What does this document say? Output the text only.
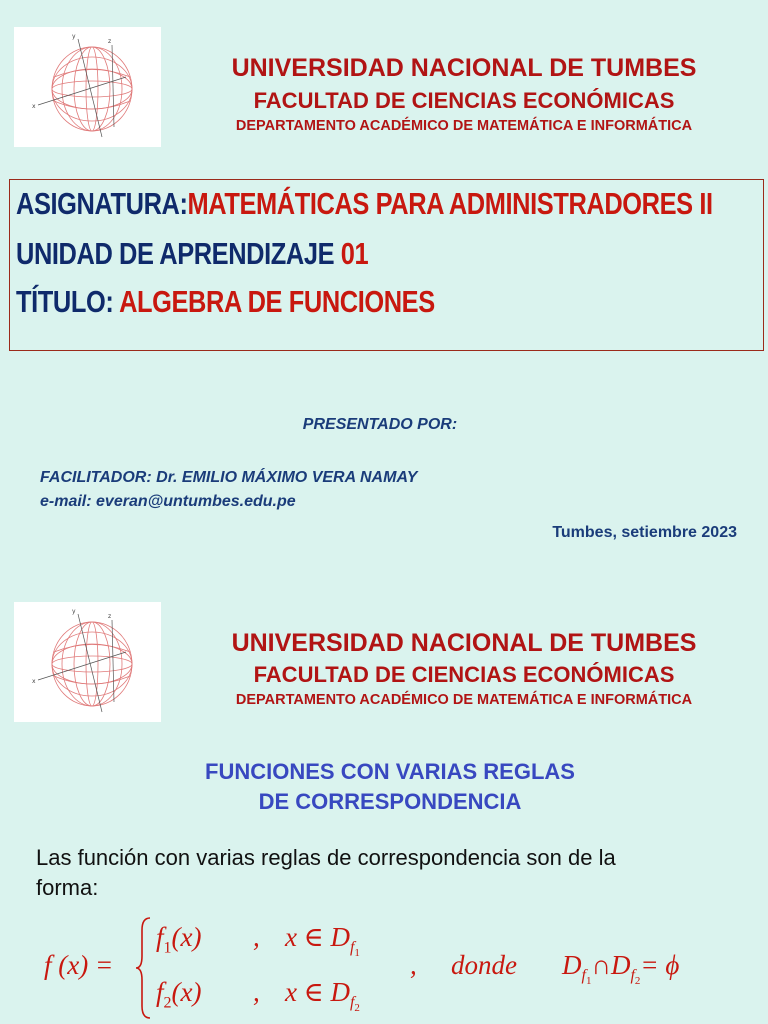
y
z
x
UNIVERSIDAD NACIONAL DE TUMBES
FACULTAD DE CIENCIAS ECONÓMICAS
DEPARTAMENTO ACADÉMICO DE MATEMÁTICA E INFORMÁTICA
ASIGNATURA:MATEMÁTICAS PARA ADMINISTRADORES II
UNIDAD DE APRENDIZAJE 01
TÍTULO: ALGEBRA DE FUNCIONES
PRESENTADO POR:
FACILITADOR: Dr. EMILIO MÁXIMO VERA NAMAY
e-mail: everan@untumbes.edu.pe
Tumbes, setiembre 2023
y
z
x
UNIVERSIDAD NACIONAL DE TUMBES
FACULTAD DE CIENCIAS ECONÓMICAS
DEPARTAMENTO ACADÉMICO DE MATEMÁTICA E INFORMÁTICA
FUNCIONES CON VARIAS REGLAS
DE CORRESPONDENCIA
Las función con varias reglas de correspondencia son de la
forma:
f (x) =
$f_1(x)$ , x ∈ $D_{f_1}$
$f_2(x)$ , x ∈ $D_{f_2}$
, donde $D_{f_1}\cap D_{f_2}= \phi$
